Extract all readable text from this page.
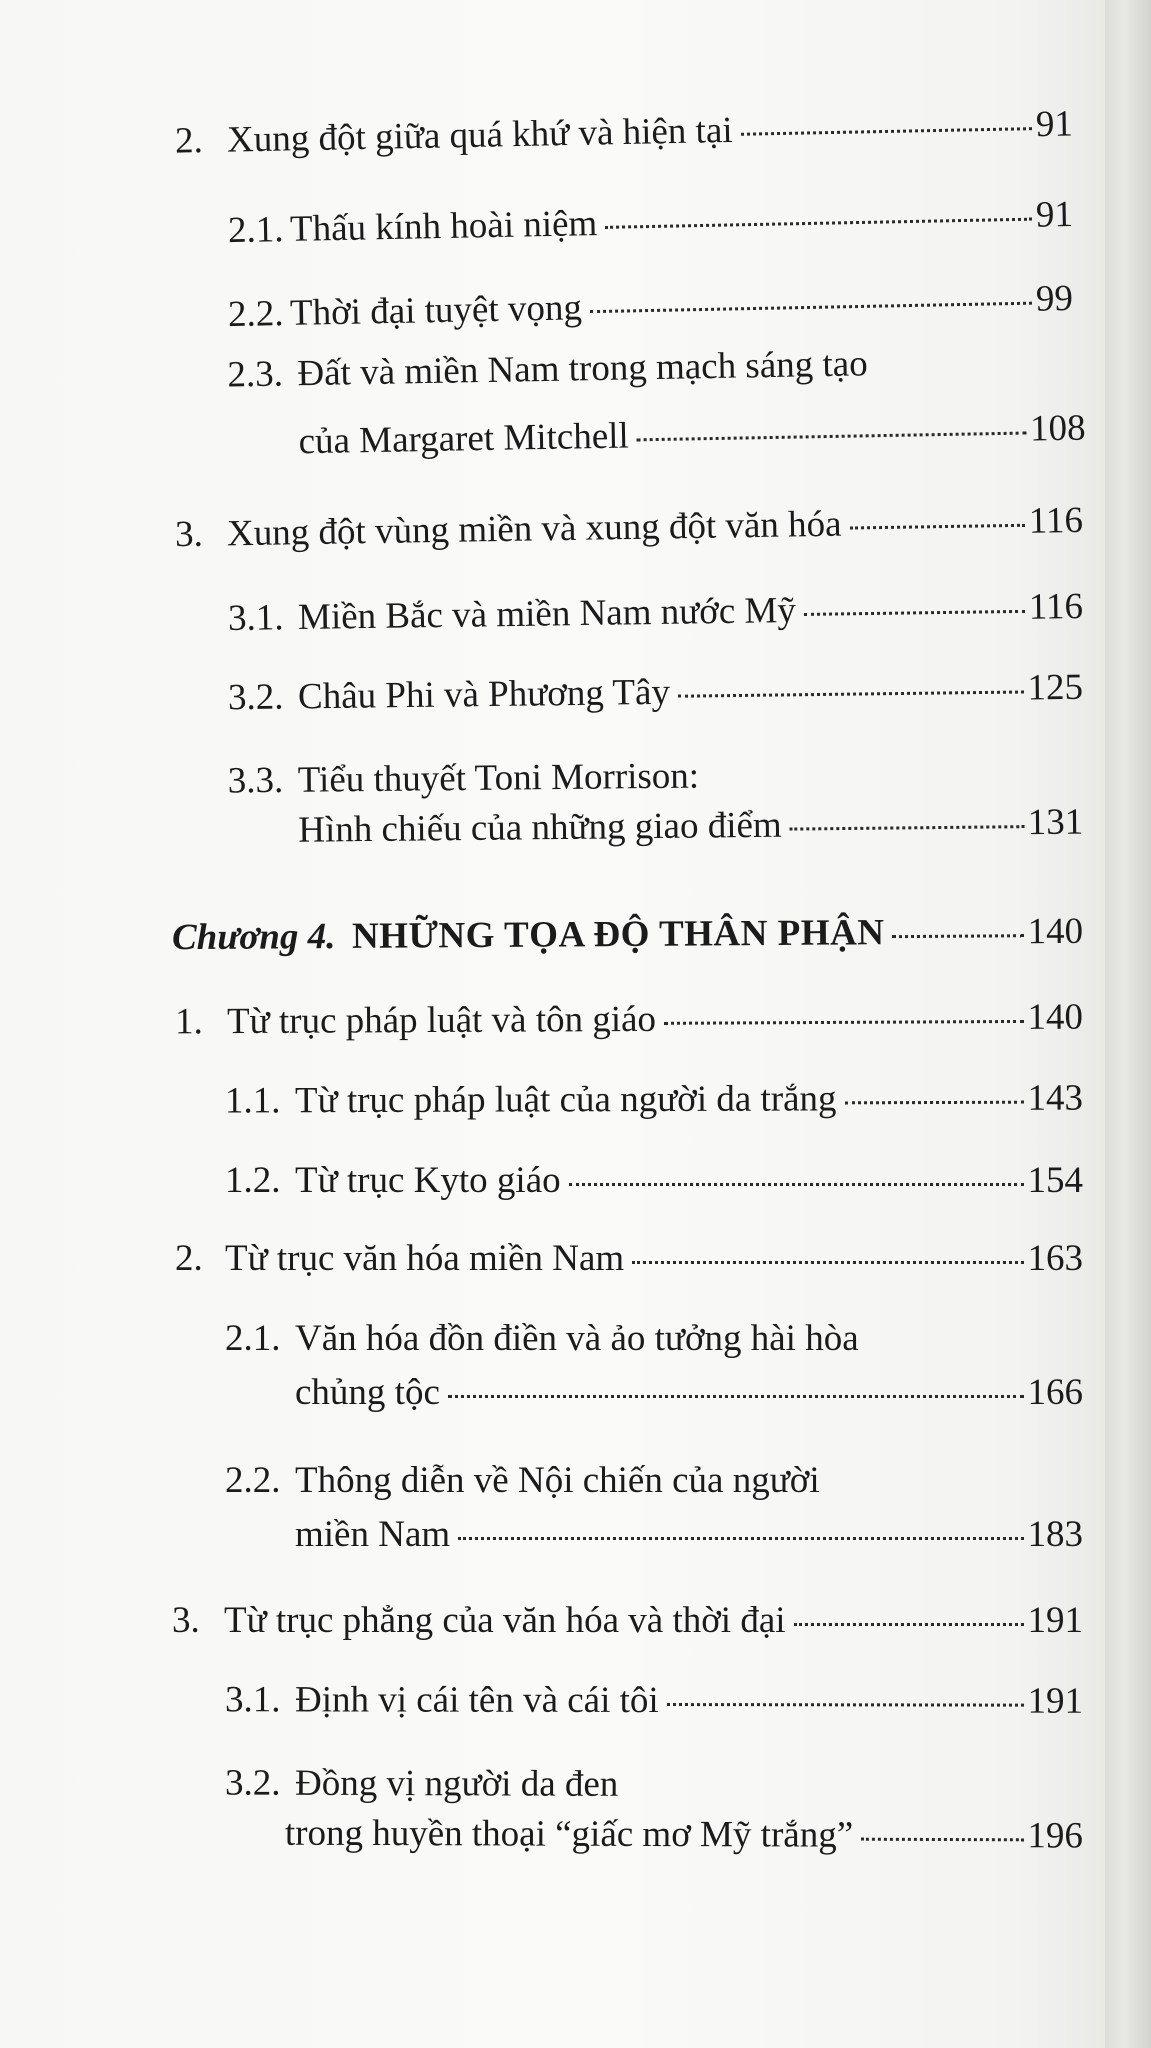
2. Xung đột giữa quá khứ và hiện tại	91
2.1. Thấu kính hoài niệm	91
2.2. Thời đại tuyệt vọng	99
2.3. Đất và miền Nam trong mạch sáng tạo
của Margaret Mitchell	108
3. Xung đột vùng miền và xung đột văn hóa	116
3.1. Miền Bắc và miền Nam nước Mỹ	116
3.2. Châu Phi và Phương Tây	125
3.3. Tiểu thuyết Toni Morrison:
Hình chiếu của những giao điểm	131
Chương 4. NHỮNG TỌA ĐỘ THÂN PHẬN	140
1. Từ trục pháp luật và tôn giáo	140
1.1. Từ trục pháp luật của người da trắng	143
1.2. Từ trục Kyto giáo	154
2. Từ trục văn hóa miền Nam	163
2.1. Văn hóa đồn điền và ảo tưởng hài hòa
chủng tộc	166
2.2. Thông diễn về Nội chiến của người
miền Nam	183
3. Từ trục phẳng của văn hóa và thời đại	191
3.1. Định vị cái tên và cái tôi	191
3.2. Đồng vị người da đen
trong huyền thoại “giấc mơ Mỹ trắng”	196
